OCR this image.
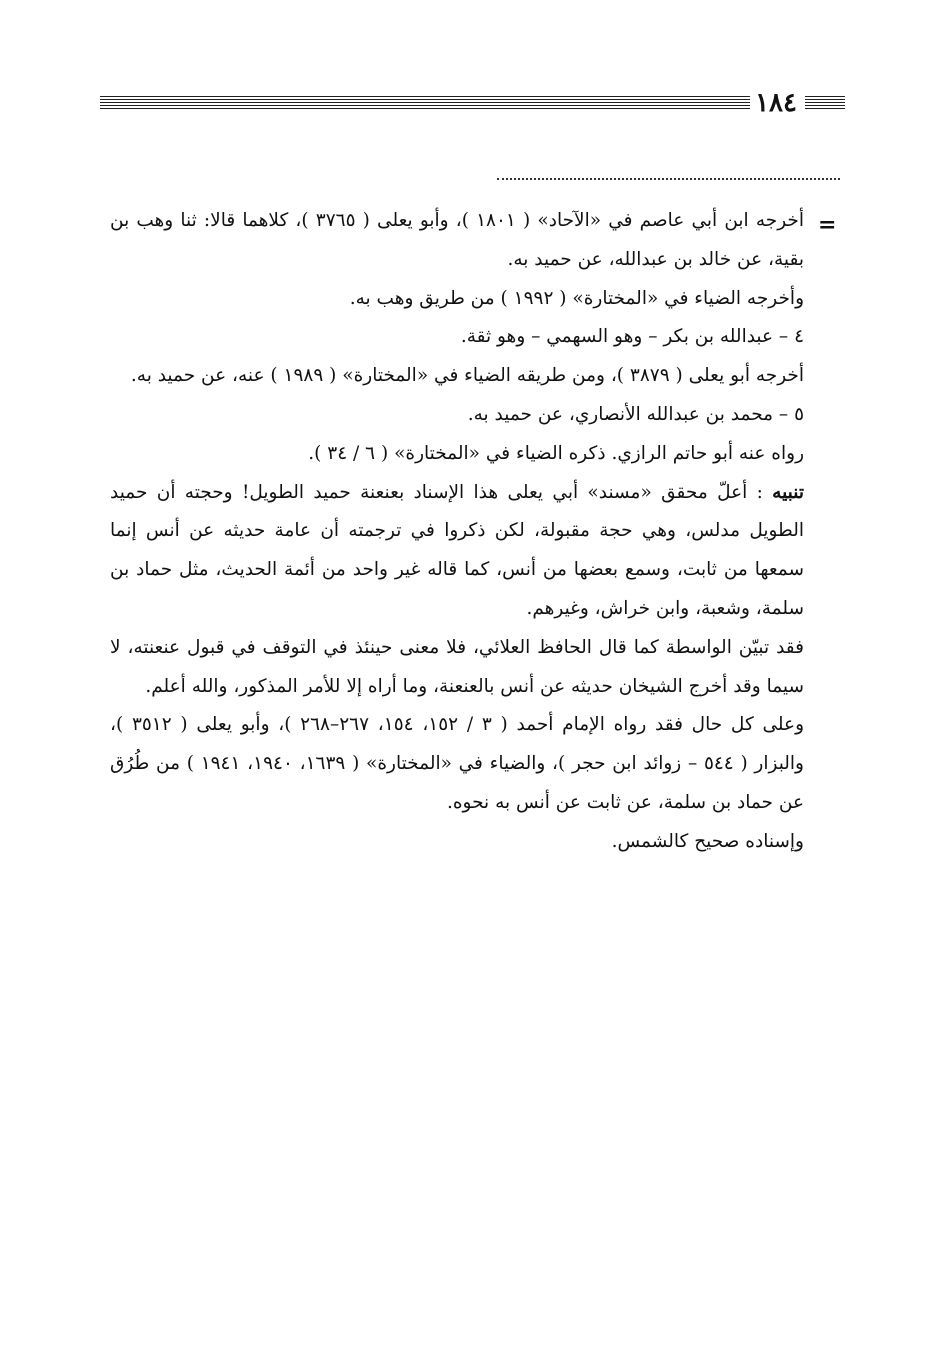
١٨٤
=

أخرجه ابن أبي عاصم في «الآحاد» ( ١٨٠١ )، وأبو يعلى ( ٣٧٦٥ )، كلاهما قالا: ثنا وهب بن بقية، عن خالد بن عبدالله، عن حميد به.

وأخرجه الضياء في «المختارة» ( ١٩٩٢ ) من طريق وهب به.

٤ – عبدالله بن بكر – وهو السهمي – وهو ثقة.

أخرجه أبو يعلى ( ٣٨٧٩ )، ومن طريقه الضياء في «المختارة» ( ١٩٨٩ ) عنه، عن حميد به.

٥ – محمد بن عبدالله الأنصاري، عن حميد به.

رواه عنه أبو حاتم الرازي. ذكره الضياء في «المختارة» ( ٦ / ٣٤ ).

تنبيه : أعلّ محقق «مسند» أبي يعلى هذا الإسناد بعنعنة حميد الطويل! وحجته أن حميد الطويل مدلس، وهي حجة مقبولة، لكن ذكروا في ترجمته أن عامة حديثه عن أنس إنما سمعها من ثابت، وسمع بعضها من أنس، كما قاله غير واحد من أئمة الحديث، مثل حماد بن سلمة، وشعبة، وابن خراش، وغيرهم.

فقد تبيّن الواسطة كما قال الحافظ العلائي، فلا معنى حينئذ في التوقف في قبول عنعنته، لا سيما وقد أخرج الشيخان حديثه عن أنس بالعنعنة، وما أراه إلا للأمر المذكور، والله أعلم.

وعلى كل حال فقد رواه الإمام أحمد ( ٣ / ١٥٢، ١٥٤، ٢٦٧–٢٦٨ )، وأبو يعلى ( ٣٥١٢ )، والبزار ( ٥٤٤ – زوائد ابن حجر )، والضياء في «المختارة» ( ١٦٣٩، ١٩٤٠، ١٩٤١ ) من طُرُق عن حماد بن سلمة، عن ثابت عن أنس به نحوه.

وإسناده صحيح كالشمس.
